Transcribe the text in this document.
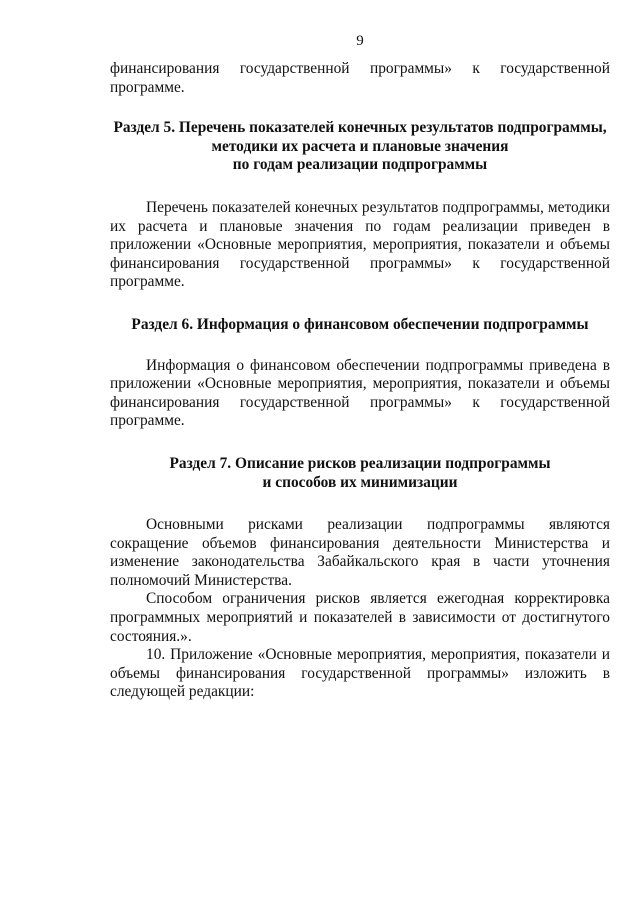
9

финансирования государственной программы» к государственной программе.

Раздел 5. Перечень показателей конечных результатов подпрограммы,
методики их расчета и плановые значения
по годам реализации подпрограммы

Перечень показателей конечных результатов подпрограммы, методики их расчета и плановые значения по годам реализации приведен в приложении «Основные мероприятия, мероприятия, показатели и объемы финансирования государственной программы» к государственной программе.

Раздел 6. Информация о финансовом обеспечении подпрограммы

Информация о финансовом обеспечении подпрограммы приведена в приложении «Основные мероприятия, мероприятия, показатели и объемы финансирования государственной программы» к государственной программе.

Раздел 7. Описание рисков реализации подпрограммы
и способов их минимизации

Основными рисками реализации подпрограммы являются сокращение объемов финансирования деятельности Министерства и изменение законодательства Забайкальского края в части уточнения полномочий Министерства.

Способом ограничения рисков является ежегодная корректировка программных мероприятий и показателей в зависимости от достигнутого состояния.».

10. Приложение «Основные мероприятия, мероприятия, показатели и объемы финансирования государственной программы» изложить в следующей редакции:
